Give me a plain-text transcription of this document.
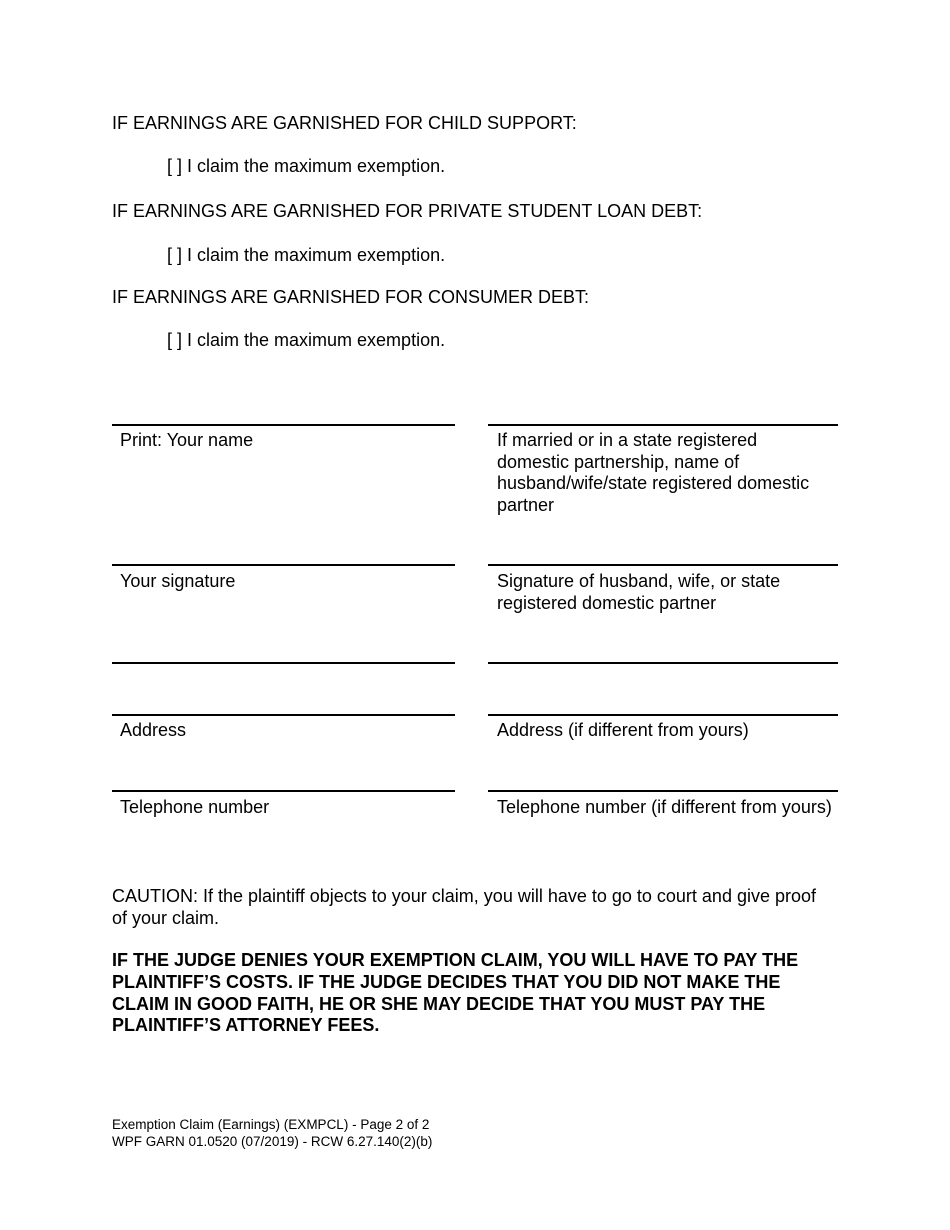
IF EARNINGS ARE GARNISHED FOR CHILD SUPPORT:
[ ] I claim the maximum exemption.
IF EARNINGS ARE GARNISHED FOR PRIVATE STUDENT LOAN DEBT:
[ ] I claim the maximum exemption.
IF EARNINGS ARE GARNISHED FOR CONSUMER DEBT:
[ ] I claim the maximum exemption.
Print: Your name	If married or in a state registered domestic partnership, name of husband/wife/state registered domestic partner
Your signature	Signature of husband, wife, or state registered domestic partner
Address	Address (if different from yours)
Telephone number	Telephone number (if different from yours)
CAUTION: If the plaintiff objects to your claim, you will have to go to court and give proof of your claim.
IF THE JUDGE DENIES YOUR EXEMPTION CLAIM, YOU WILL HAVE TO PAY THE PLAINTIFF’S COSTS. IF THE JUDGE DECIDES THAT YOU DID NOT MAKE THE CLAIM IN GOOD FAITH, HE OR SHE MAY DECIDE THAT YOU MUST PAY THE PLAINTIFF’S ATTORNEY FEES.
Exemption Claim (Earnings) (EXMPCL) - Page 2 of 2
WPF GARN 01.0520 (07/2019) - RCW 6.27.140(2)(b)
